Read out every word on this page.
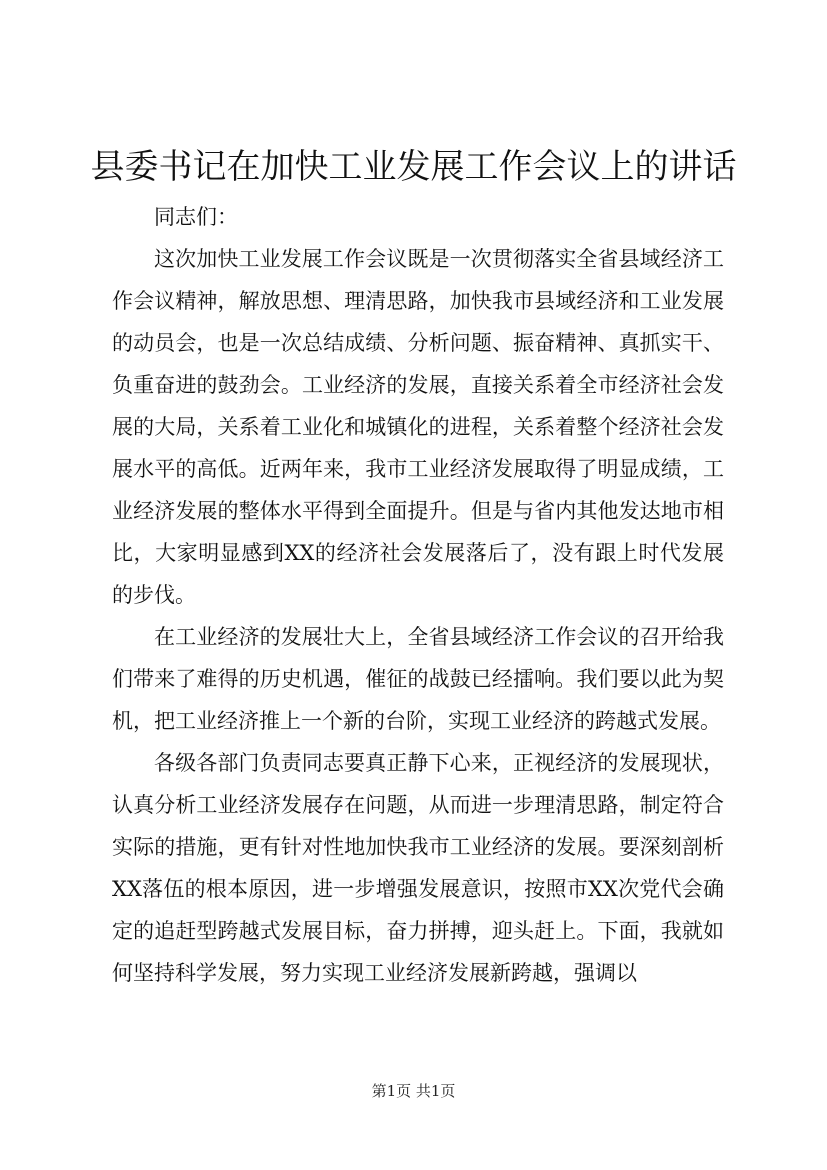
县委书记在加快工业发展工作会议上的讲话

同志们：

这次加快工业发展工作会议既是一次贯彻落实全省县域经济工作会议精神，解放思想、理清思路，加快我市县域经济和工业发展的动员会，也是一次总结成绩、分析问题、振奋精神、真抓实干、负重奋进的鼓劲会。工业经济的发展，直接关系着全市经济社会发展的大局，关系着工业化和城镇化的进程，关系着整个经济社会发展水平的高低。近两年来，我市工业经济发展取得了明显成绩，工业经济发展的整体水平得到全面提升。但是与省内其他发达地市相比，大家明显感到XX的经济社会发展落后了，没有跟上时代发展的步伐。

在工业经济的发展壮大上，全省县域经济工作会议的召开给我们带来了难得的历史机遇，催征的战鼓已经擂响。我们要以此为契机，把工业经济推上一个新的台阶，实现工业经济的跨越式发展。

各级各部门负责同志要真正静下心来，正视经济的发展现状，认真分析工业经济发展存在问题，从而进一步理清思路，制定符合实际的措施，更有针对性地加快我市工业经济的发展。要深刻剖析XX落伍的根本原因，进一步增强发展意识，按照市XX次党代会确定的追赶型跨越式发展目标，奋力拼搏，迎头赶上。下面，我就如何坚持科学发展，努力实现工业经济发展新跨越，强调以

第1页 共1页
